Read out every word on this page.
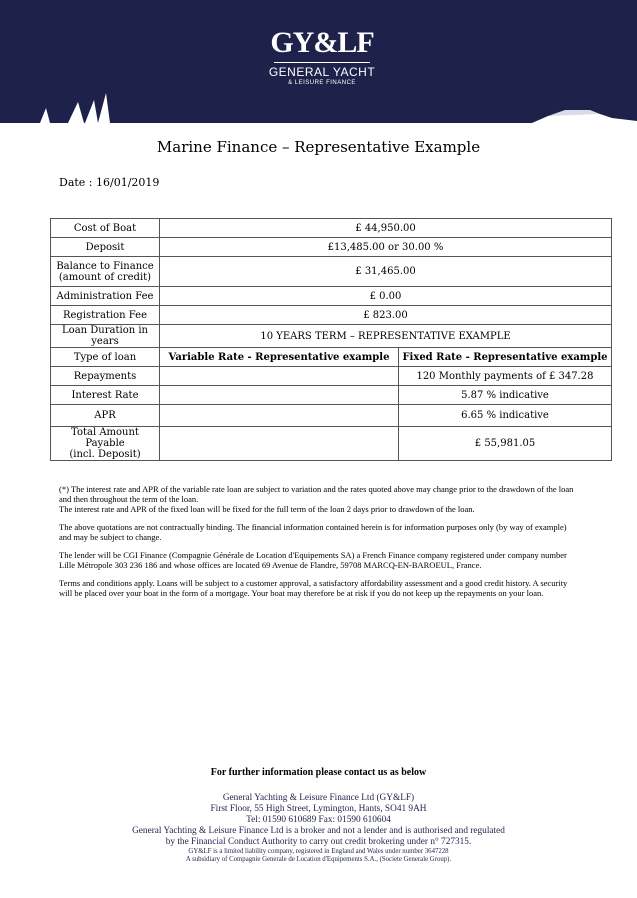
GY&LF
GENERAL YACHT
& LEISURE FINANCE
Marine Finance – Representative Example
Date : 16/01/2019
Cost of Boat	£ 44,950.00	
Deposit	£13,485.00 or 30.00 %	
Balance to Finance
(amount of credit)	£ 31,465.00	
Administration Fee	£ 0.00	
Registration Fee	£ 823.00	
Loan Duration in years	10 YEARS TERM – REPRESENTATIVE EXAMPLE	
Type of loan	Variable Rate - Representative example	Fixed Rate - Representative example
Repayments		120 Monthly payments of £ 347.28
Interest Rate		5.87 % indicative
APR		6.65 % indicative
Total Amount Payable
(incl. Deposit)		£ 55,981.05

(*) The interest rate and APR of the variable rate loan are subject to variation and the rates quoted above may change prior to the drawdown of the loan and then throughout the term of the loan.
The interest rate and APR of the fixed loan will be fixed for the full term of the loan 2 days prior to drawdown of the loan.

The above quotations are not contractually binding. The financial information contained herein is for information purposes only (by way of example) and may be subject to change.

The lender will be CGI Finance (Compagnie Générale de Location d'Equipements SA) a French Finance company registered under company number Lille Métropole 303 236 186 and whose offices are located 69 Avenue de Flandre, 59708 MARCQ-EN-BAROEUL, France.

Terms and conditions apply. Loans will be subject to a customer approval, a satisfactory affordability assessment and a good credit history. A security will be placed over your boat in the form of a mortgage. Your boat may therefore be at risk if you do not keep up the repayments on your loan.

For further information please contact us as below
General Yachting & Leisure Finance Ltd (GY&LF)
First Floor, 55 High Street, Lymington, Hants, SO41 9AH
Tel: 01590 610689 Fax: 01590 610604
General Yachting & Leisure Finance Ltd is a broker and not a lender and is authorised and regulated
by the Financial Conduct Authority to carry out credit brokering under n° 727315.
GY&LF is a limited liability company, registered in England and Wales under number 3647228
A subsidiary of Compagnie Generale de Location d'Equipements S.A., (Societe Generale Group).
